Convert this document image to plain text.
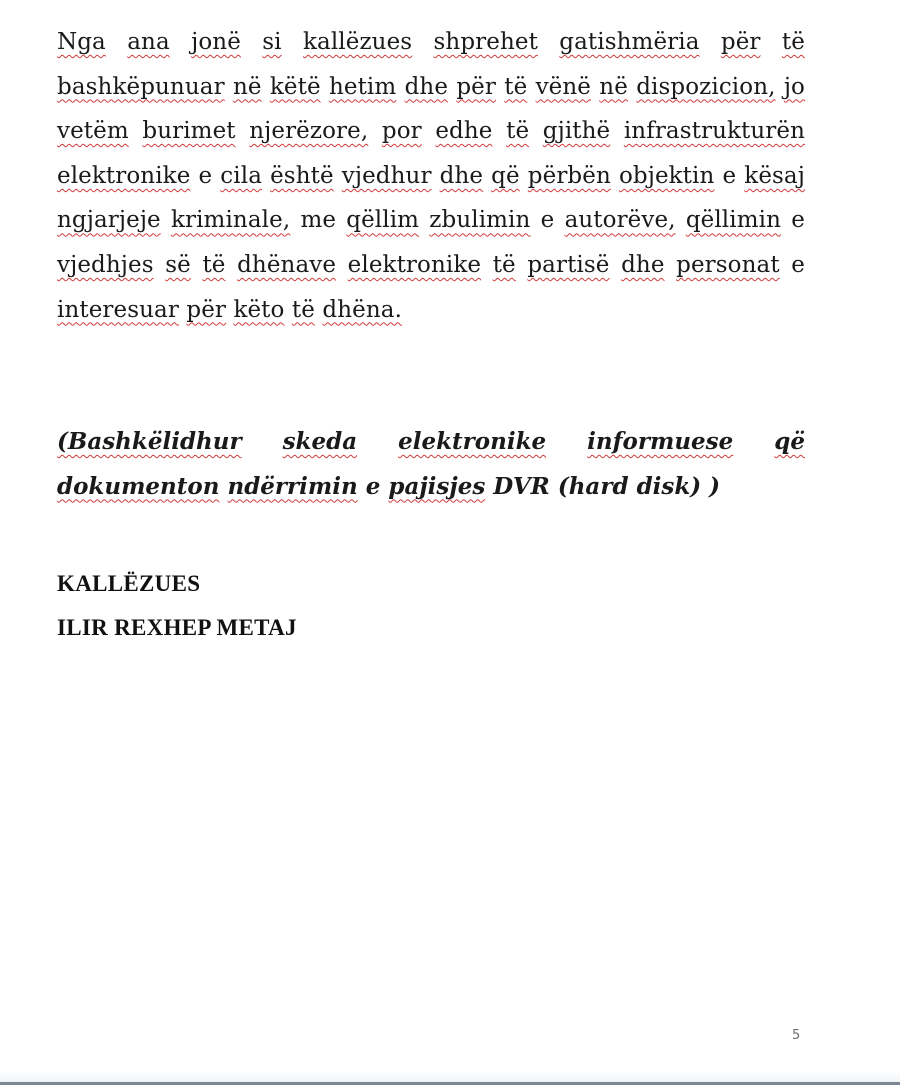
Nga ana jonë si kallëzues shprehet gatishmëria për të bashkëpunuar në këtë hetim dhe për të vënë në dispozicion, jo vetëm burimet njerëzore, por edhe të gjithë infrastrukturën elektronike e cila është vjedhur dhe që përbën objektin e kësaj ngjarjeje kriminale, me qëllim zbulimin e autorëve, qëllimin e vjedhjes së të dhënave elektronike të partisë dhe personat e interesuar për këto të dhëna.

(Bashkëlidhur skeda elektronike informuese që dokumenton ndërrimin e pajisjes DVR (hard disk) )

KALLËZUES
ILIR REXHEP METAJ
5
